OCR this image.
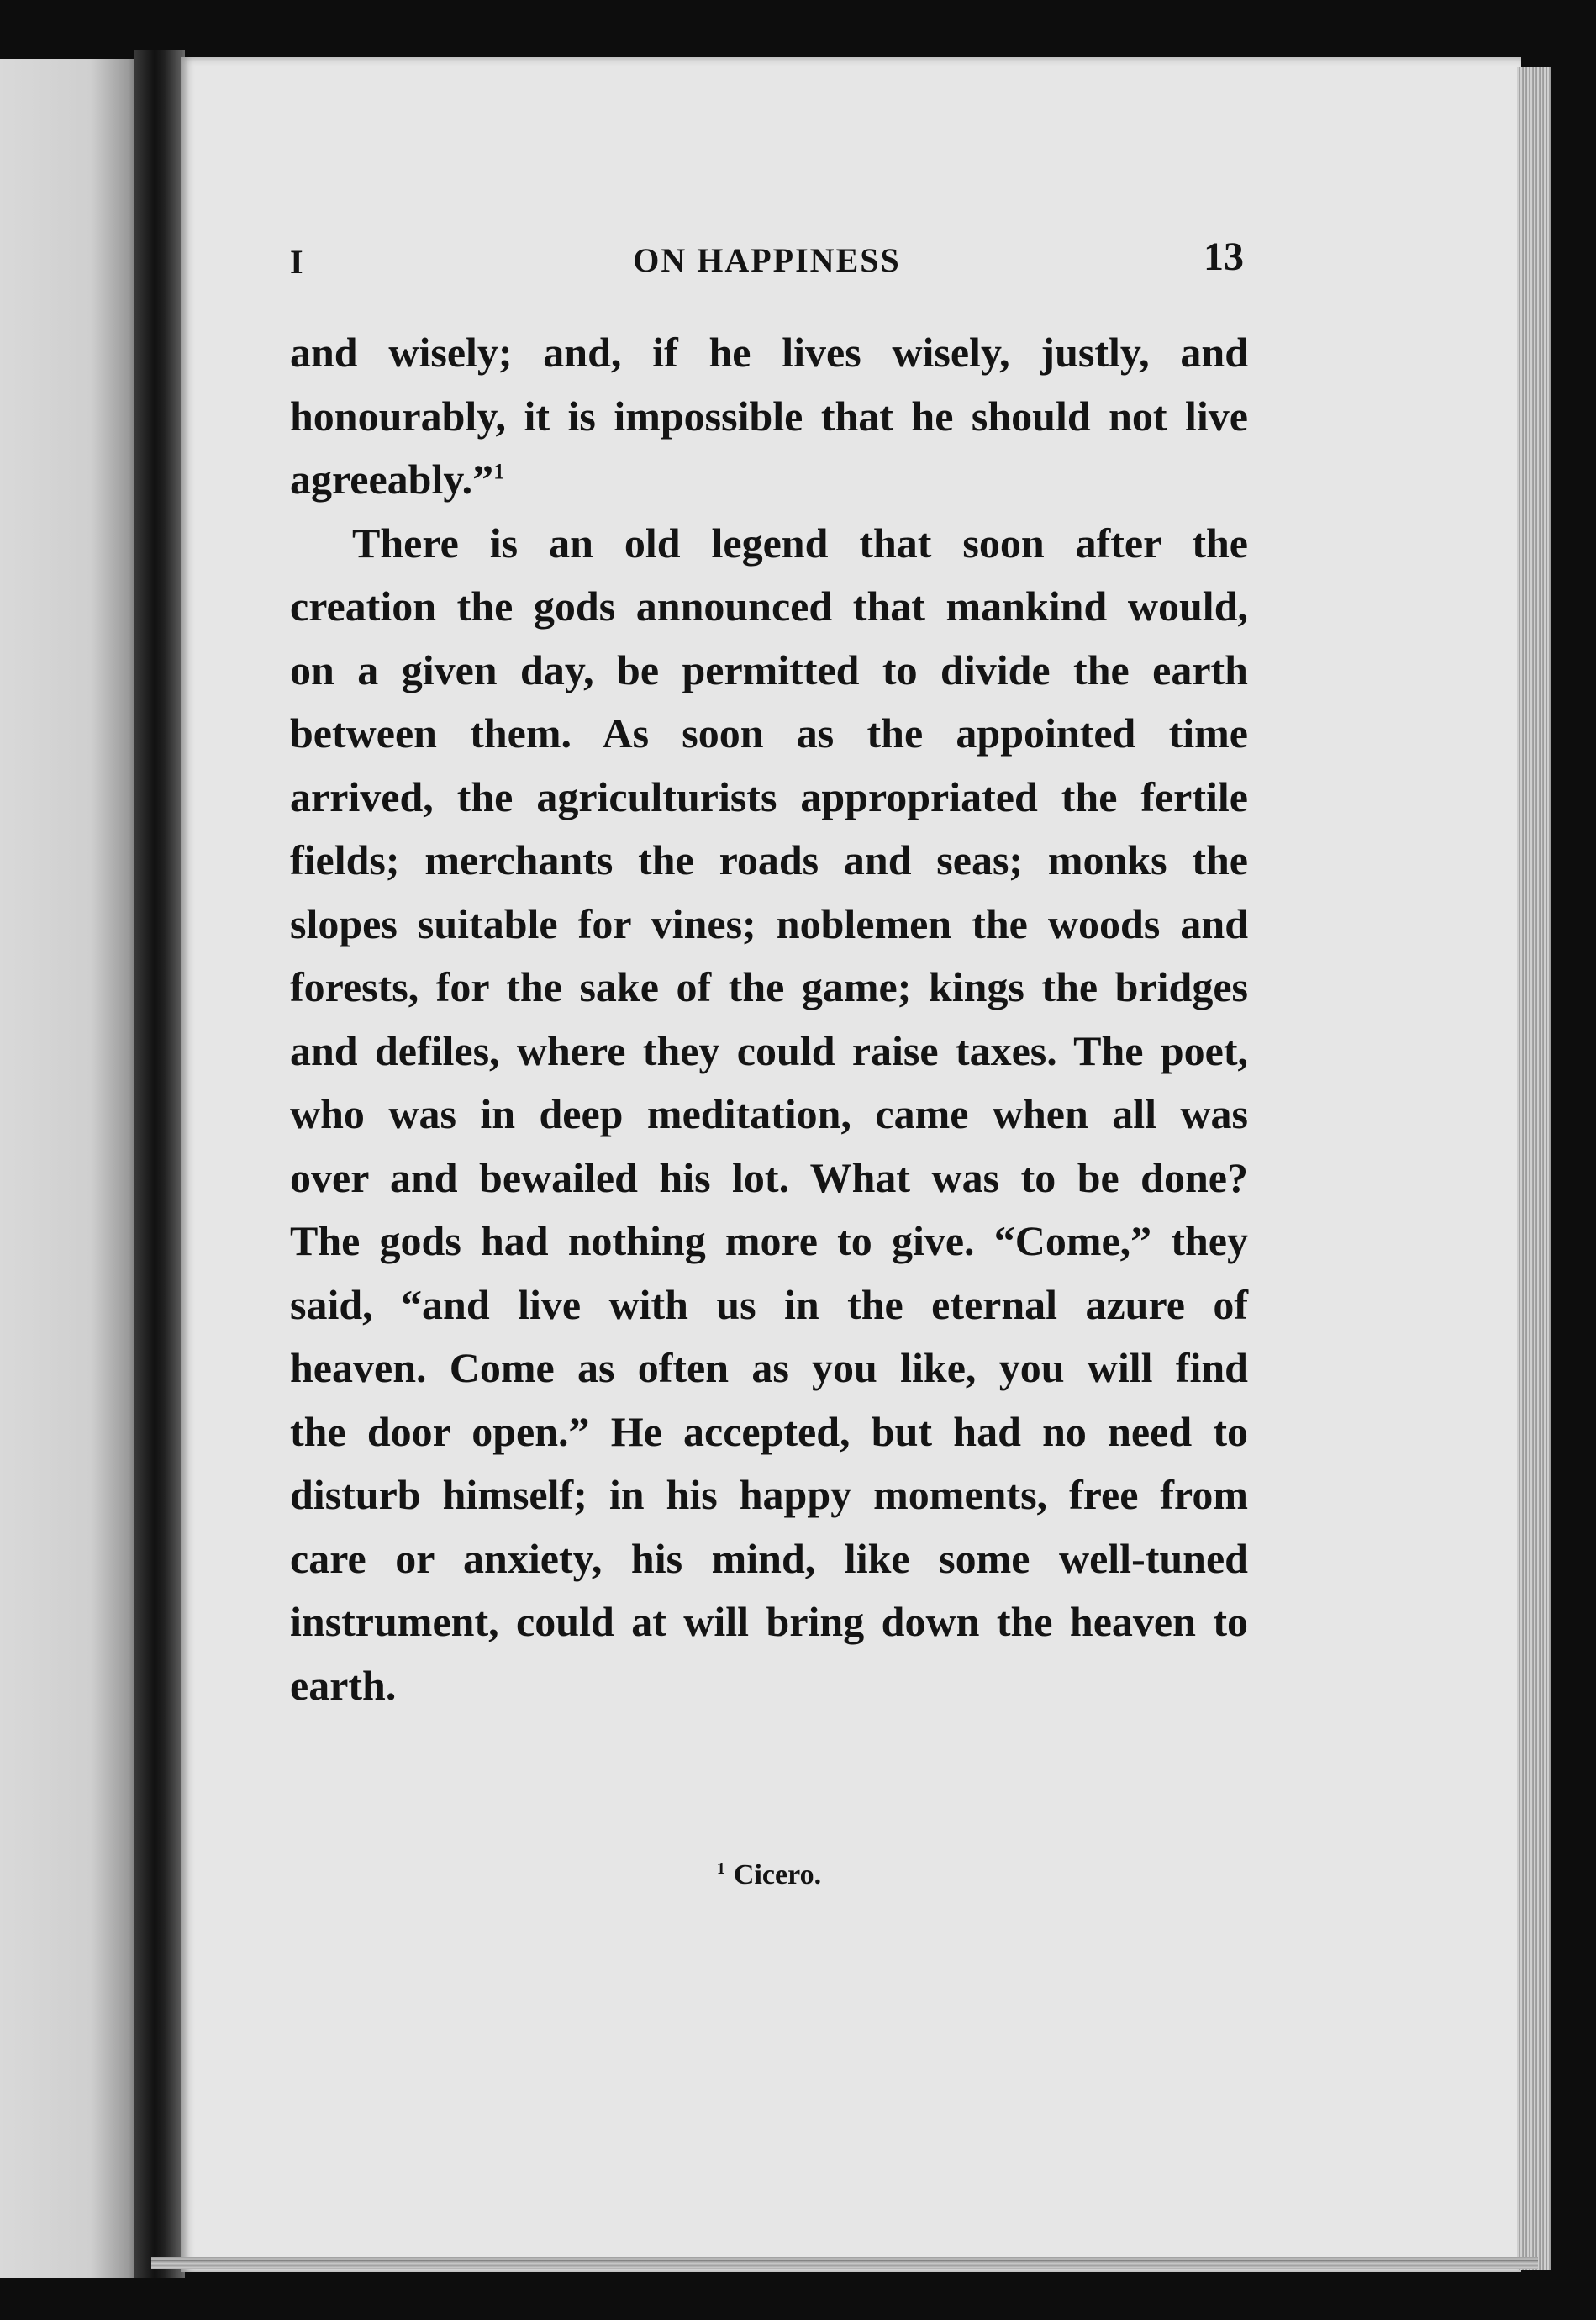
I	ON HAPPINESS	13

and wisely; and, if he lives wisely, justly, and honourably, it is impossible that he should not live agreeably.”$^1$

There is an old legend that soon after the creation the gods announced that mankind would, on a given day, be permitted to divide the earth between them. As soon as the appointed time arrived, the agriculturists appropriated the fertile fields; merchants the roads and seas; monks the slopes suitable for vines; noblemen the woods and forests, for the sake of the game; kings the bridges and defiles, where they could raise taxes. The poet, who was in deep meditation, came when all was over and bewailed his lot. What was to be done? The gods had nothing more to give. “Come,” they said, “and live with us in the eternal azure of heaven. Come as often as you like, you will find the door open.” He accepted, but had no need to disturb himself; in his happy moments, free from care or anxiety, his mind, like some well-tuned instrument, could at will bring down the heaven to earth.

$^1$ Cicero.
